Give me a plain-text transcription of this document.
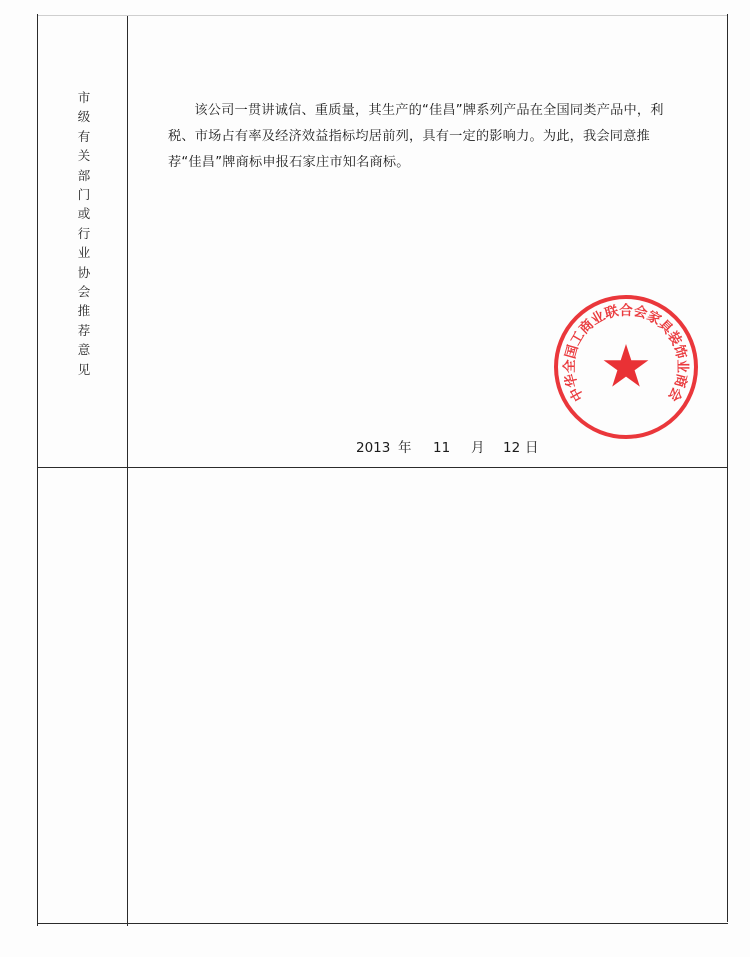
市级有关部门或行业协会推荐意见
该公司一贯讲诚信、重质量，其生产的“佳昌”牌系列产品在全国同类产品中，利税、市场占有率及经济效益指标均居前列，具有一定的影响力。为此，我会同意推荐“佳昌”牌商标申报石家庄市知名商标。
2013 年 11 月 12 日
中华全国工商业联合会家具装饰业商会
